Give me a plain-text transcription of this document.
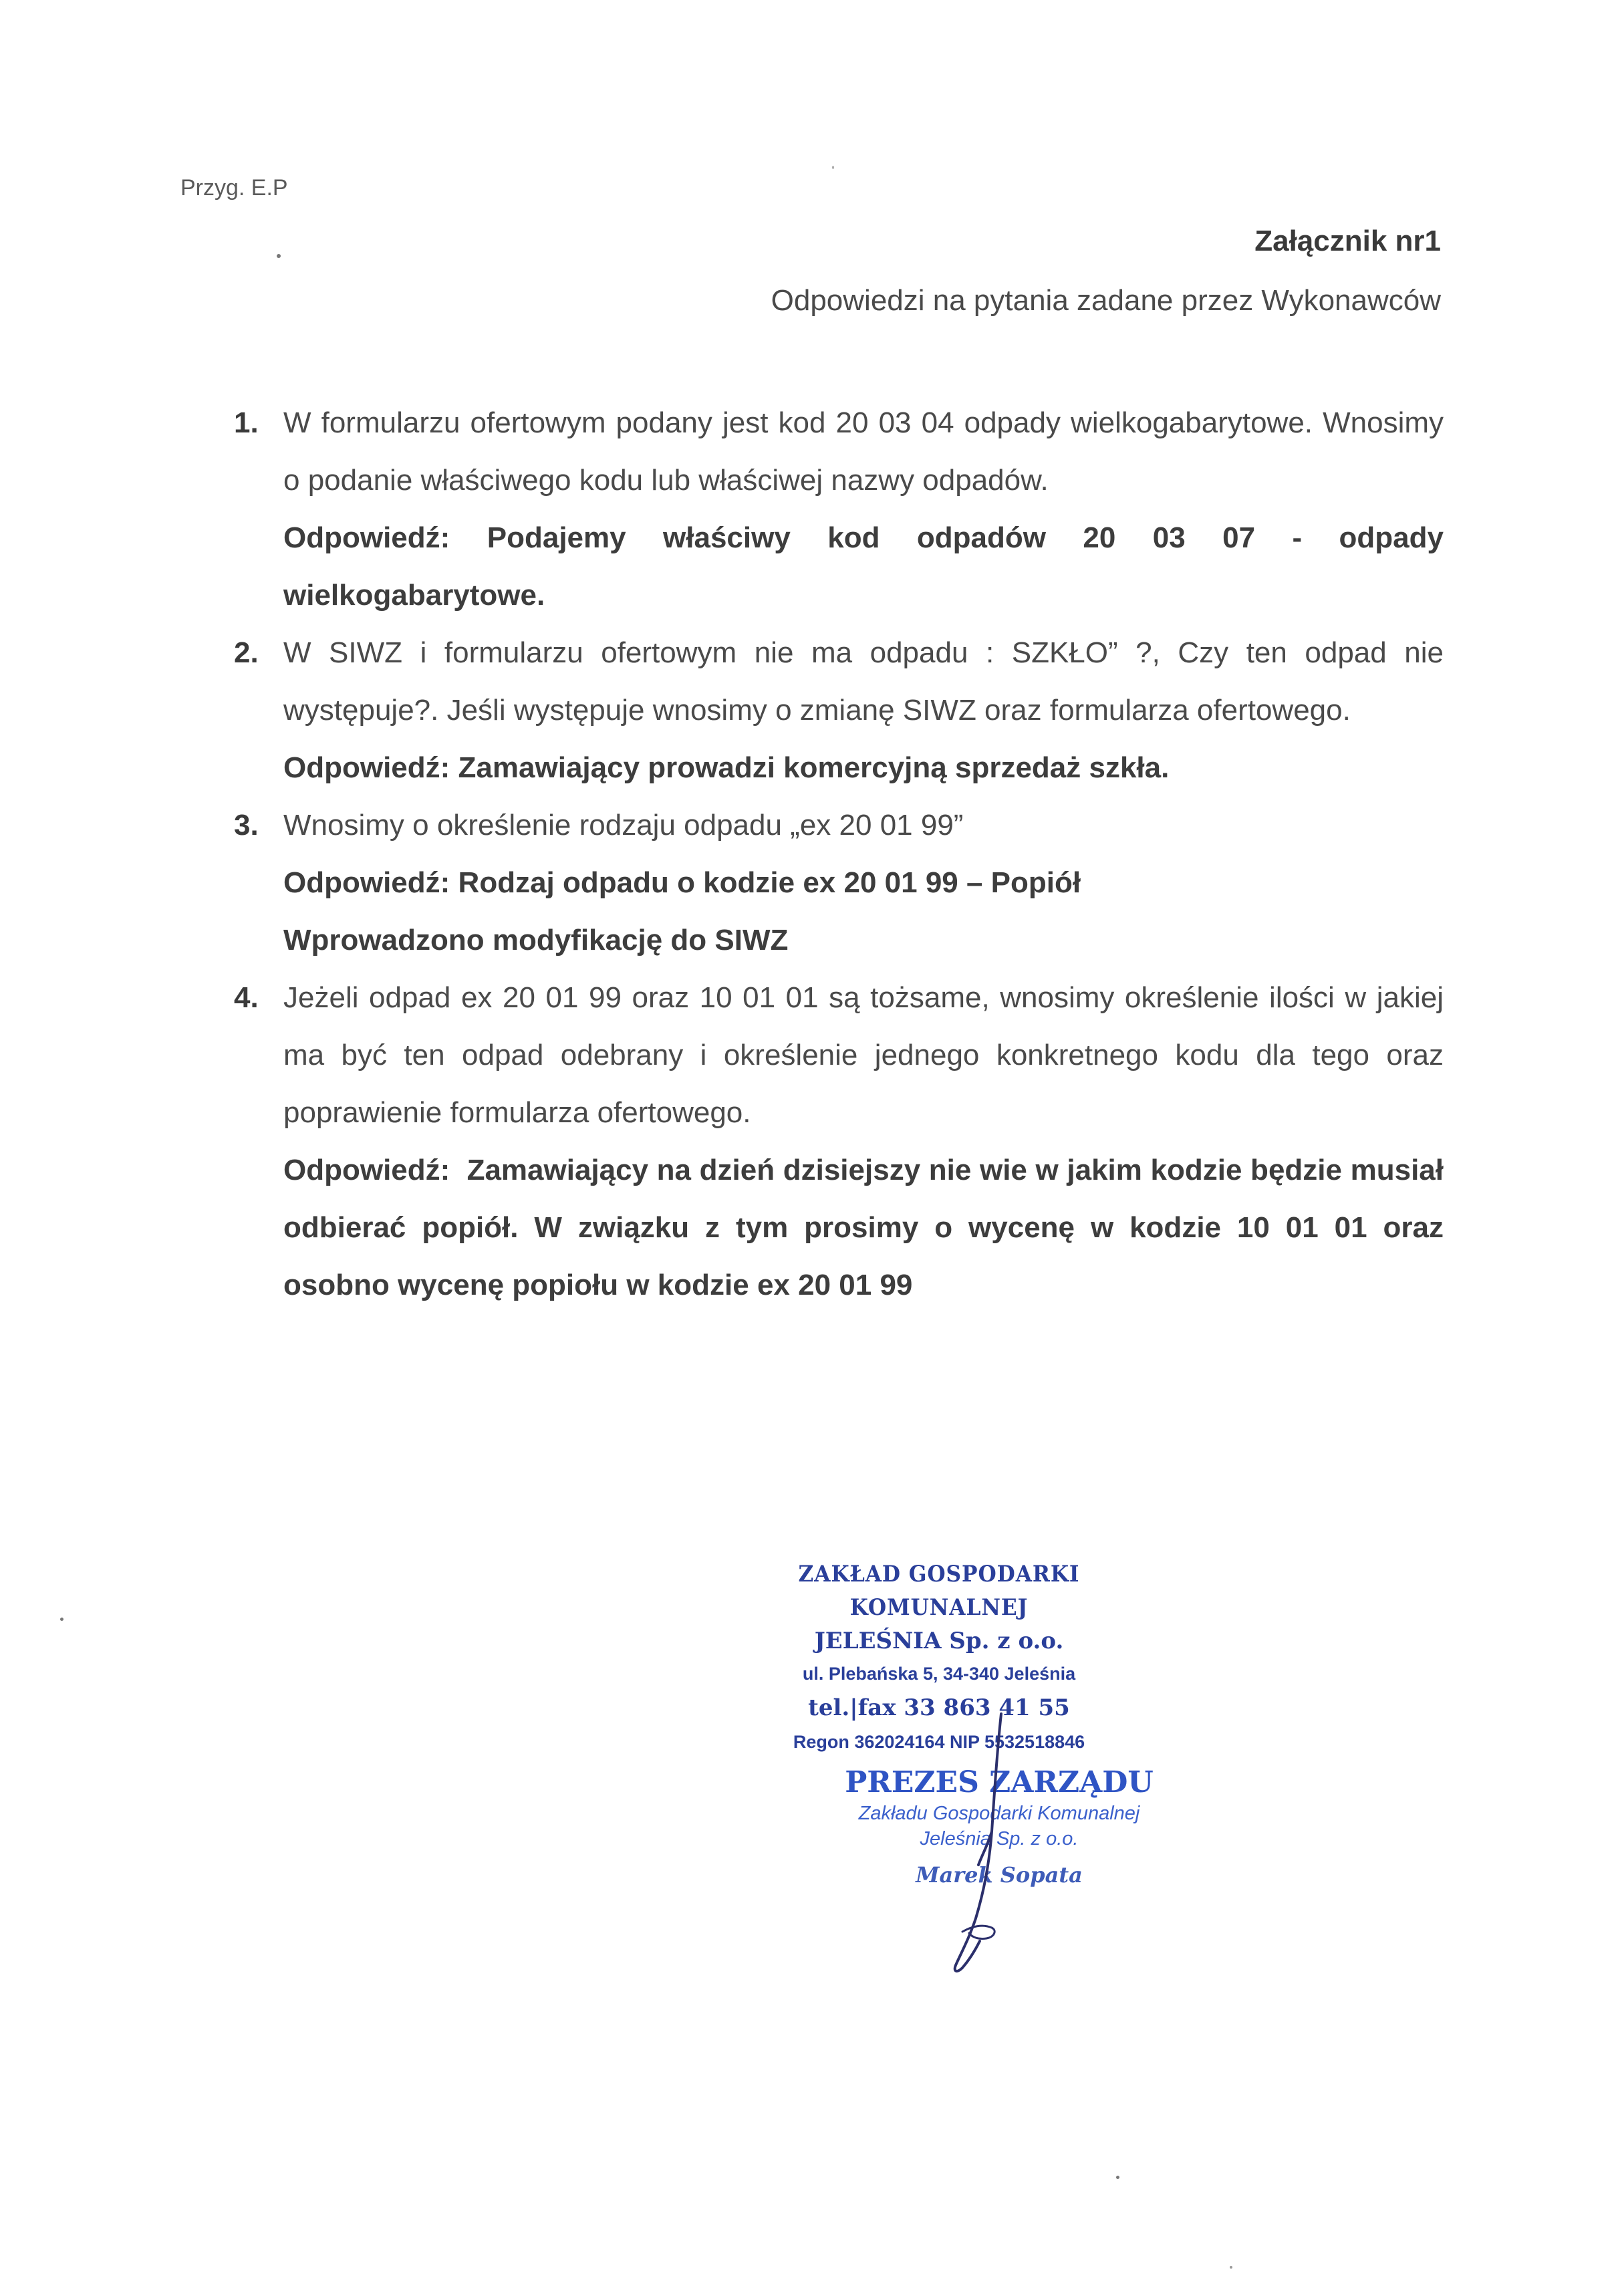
Przyg. E.P
Załącznik nr1
Odpowiedzi na pytania zadane przez Wykonawców
1. W formularzu ofertowym podany jest kod 20 03 04 odpady wielkogabarytowe. Wnosimy o podanie właściwego kodu lub właściwej nazwy odpadów.

Odpowiedź: Podajemy właściwy kod odpadów 20 03 07 - odpady wielkogabarytowe.

2. W SIWZ i formularzu ofertowym nie ma odpadu : SZKŁO” ?, Czy ten odpad nie występuje?. Jeśli występuje wnosimy o zmianę SIWZ oraz formularza ofertowego.

Odpowiedź: Zamawiający prowadzi komercyjną sprzedaż szkła.

3. Wnosimy o określenie rodzaju odpadu „ex 20 01 99”

Odpowiedź: Rodzaj odpadu o kodzie ex 20 01 99 – Popiół

Wprowadzono modyfikację do SIWZ

4. Jeżeli odpad ex 20 01 99 oraz 10 01 01 są tożsame, wnosimy określenie ilości w jakiej ma być ten odpad odebrany i określenie jednego konkretnego kodu dla tego oraz poprawienie formularza ofertowego.

Odpowiedź: Zamawiający na dzień dzisiejszy nie wie w jakim kodzie będzie musiał odbierać popiół. W związku z tym prosimy o wycenę w kodzie 10 01 01 oraz osobno wycenę popiołu w kodzie ex 20 01 99

ZAKŁAD GOSPODARKI KOMUNALNEJ
JELEŚNIA Sp. z o.o.
ul. Plebańska 5, 34-340 Jeleśnia
tel.|fax 33 863 41 55
Regon 362024164 NIP 5532518846
PREZES ZARZĄDU
Zakładu Gospodarki Komunalnej
Jeleśnia Sp. z o.o.
Marek Sopata
